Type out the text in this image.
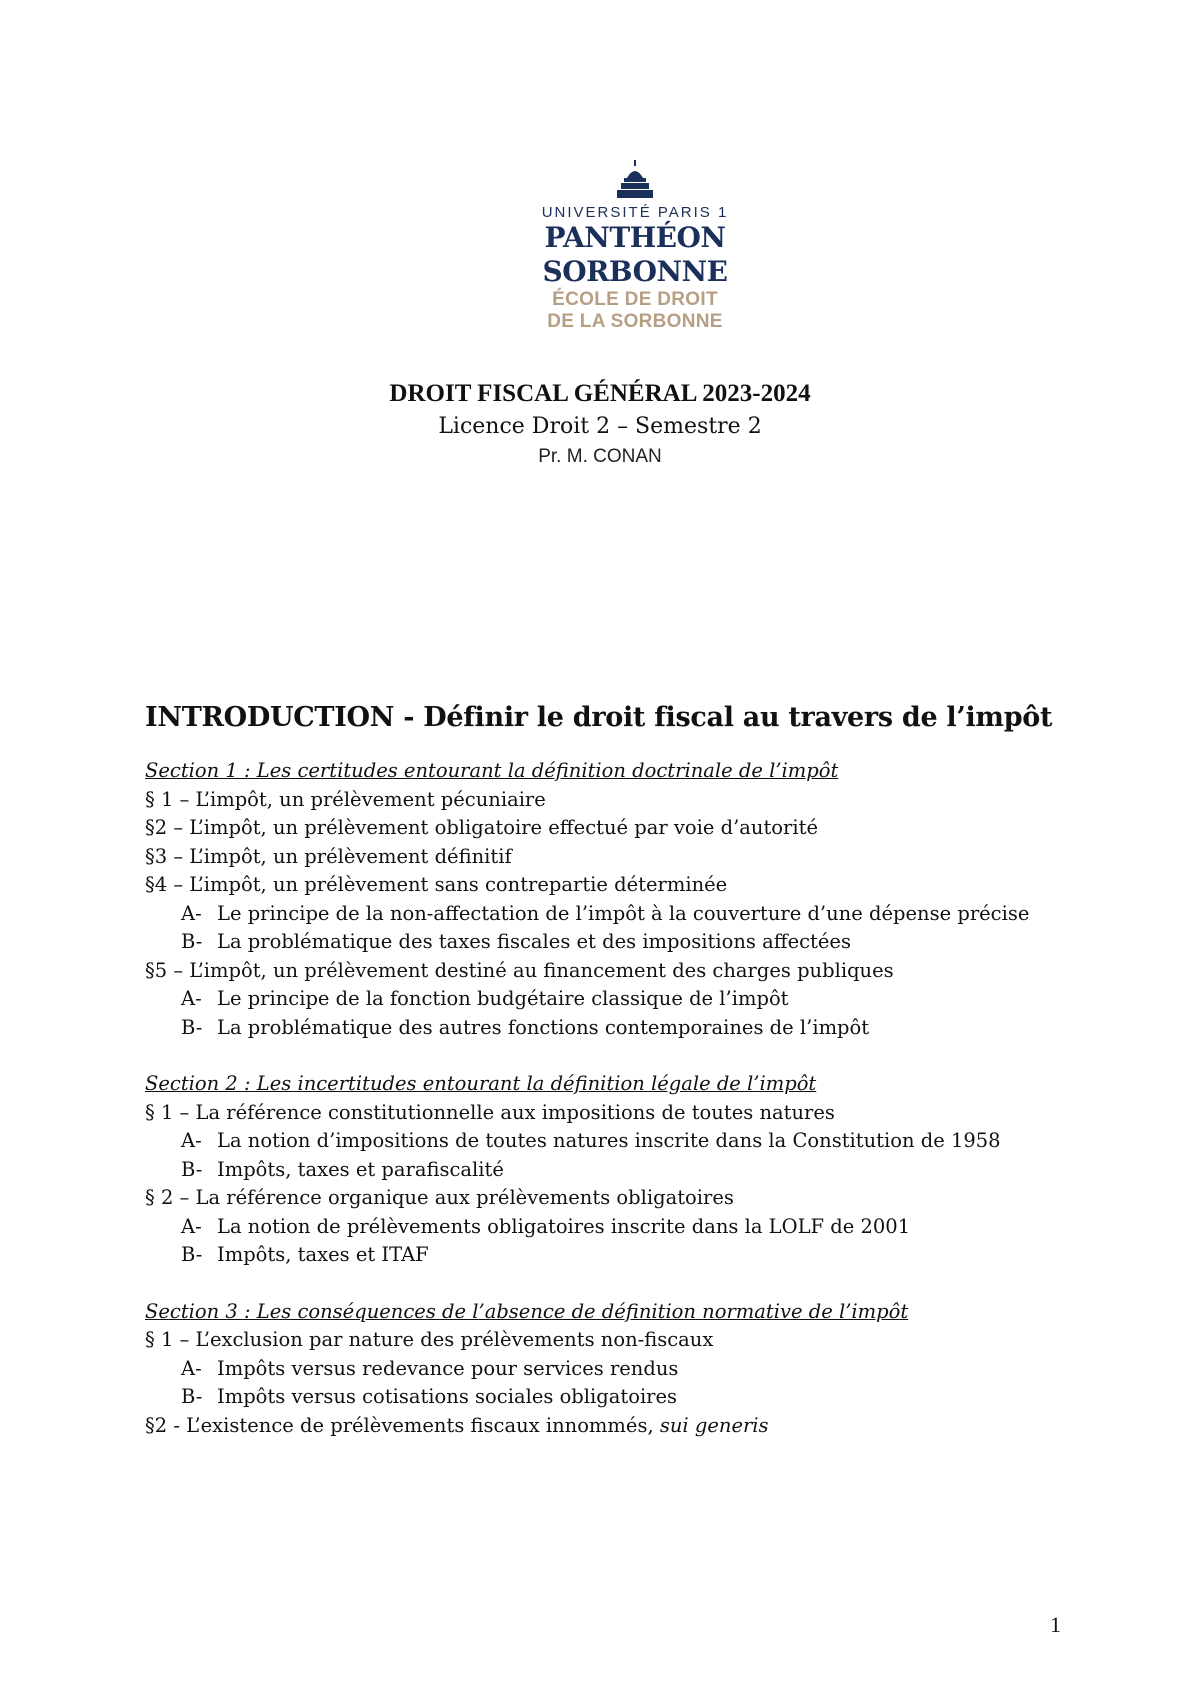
UNIVERSITÉ PARIS 1
PANTHÉON SORBONNE
ÉCOLE DE DROIT
DE LA SORBONNE
DROIT FISCAL GÉNÉRAL 2023-2024
Licence Droit 2 – Semestre 2
Pr. M. CONAN
INTRODUCTION - Définir le droit fiscal au travers de l’impôt
Section 1 : Les certitudes entourant la définition doctrinale de l’impôt
§ 1 – L’impôt, un prélèvement pécuniaire
§2 – L’impôt, un prélèvement obligatoire effectué par voie d’autorité
§3 – L’impôt, un prélèvement définitif
§4 – L’impôt, un prélèvement sans contrepartie déterminée
A- Le principe de la non-affectation de l’impôt à la couverture d’une dépense précise
B- La problématique des taxes fiscales et des impositions affectées
§5 – L’impôt, un prélèvement destiné au financement des charges publiques
A- Le principe de la fonction budgétaire classique de l’impôt
B- La problématique des autres fonctions contemporaines de l’impôt
Section 2 : Les incertitudes entourant la définition légale de l’impôt
§ 1 – La référence constitutionnelle aux impositions de toutes natures
A- La notion d’impositions de toutes natures inscrite dans la Constitution de 1958
B- Impôts, taxes et parafiscalité
§ 2 – La référence organique aux prélèvements obligatoires
A- La notion de prélèvements obligatoires inscrite dans la LOLF de 2001
B- Impôts, taxes et ITAF
Section 3 : Les conséquences de l’absence de définition normative de l’impôt
§ 1 – L’exclusion par nature des prélèvements non-fiscaux
A- Impôts versus redevance pour services rendus
B- Impôts versus cotisations sociales obligatoires
§2 - L’existence de prélèvements fiscaux innommés, sui generis
1
